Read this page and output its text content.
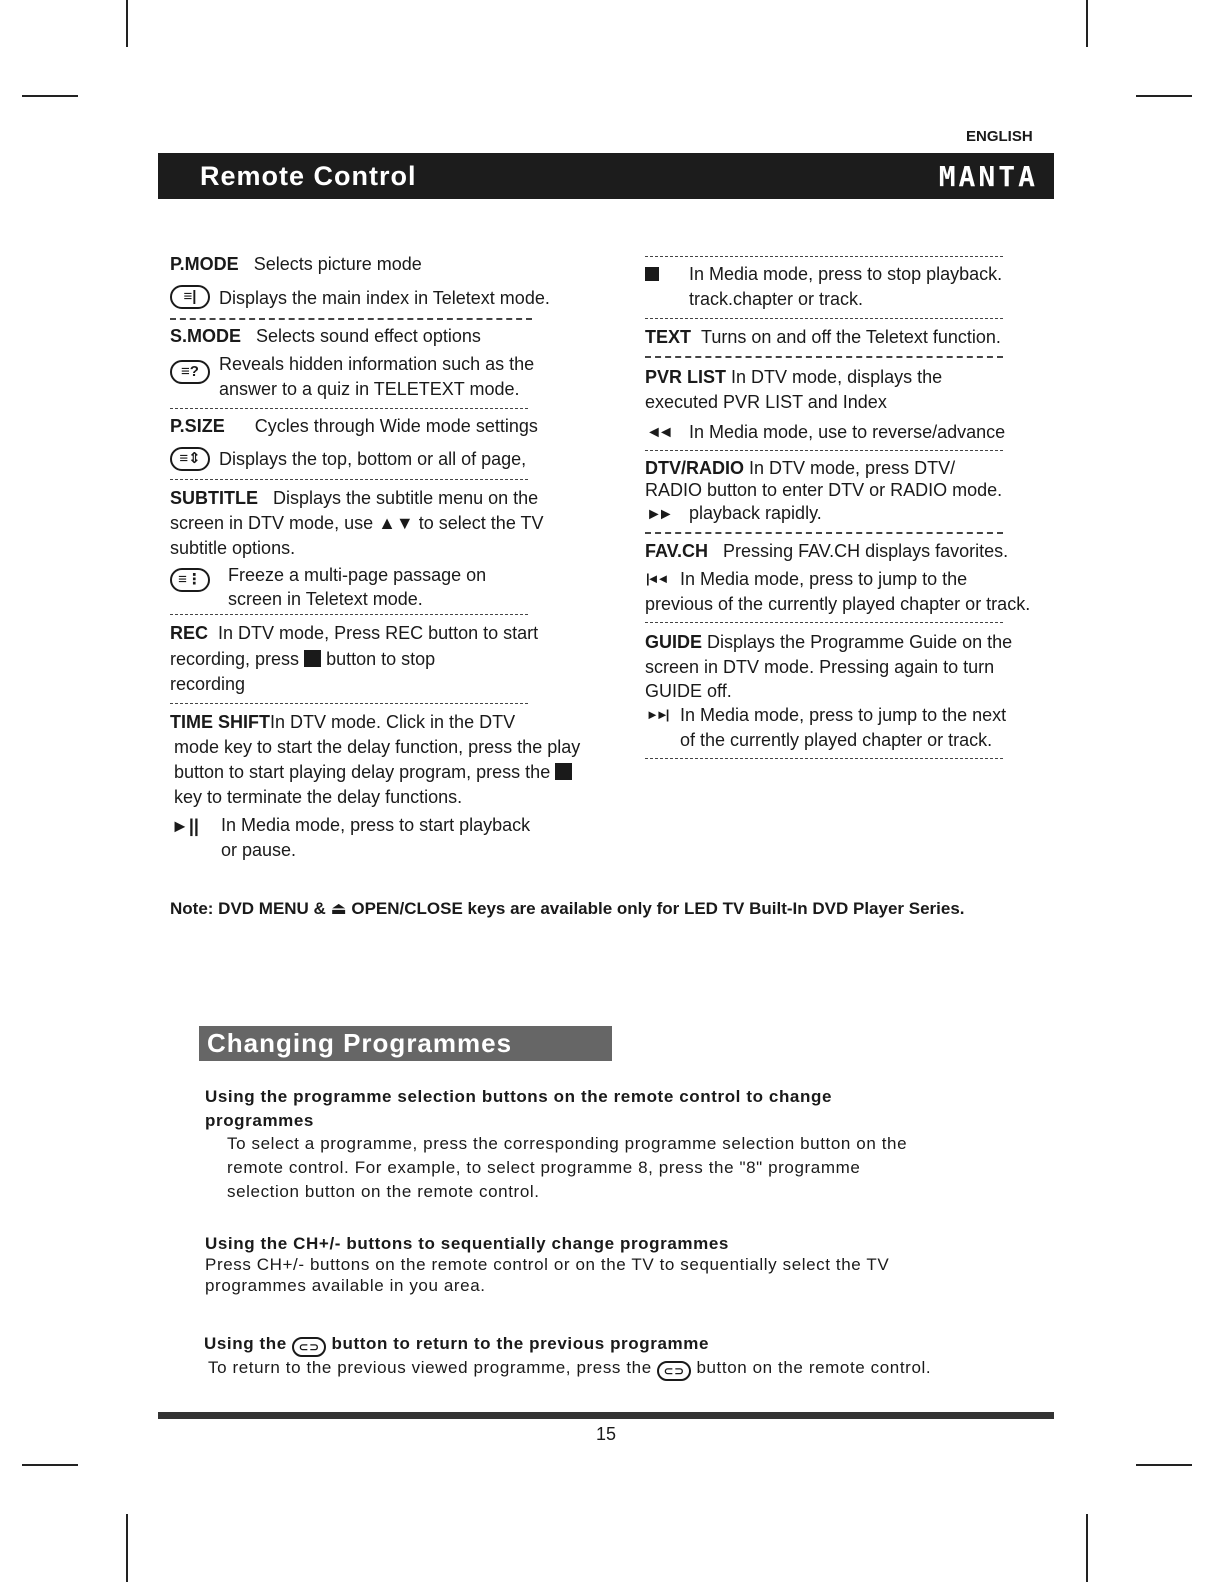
ENGLISH
Remote Control	MANTA
P.MODE Selects picture mode
≡|	Displays the main index in Teletext mode.
S.MODE Selects sound effect options
≡?	Reveals hidden information such as the
answer to a quiz in TELETEXT mode.
P.SIZE Cycles through Wide mode settings
≡⇕	Displays the top, bottom or all of page,
SUBTITLE Displays the subtitle menu on the
screen in DTV mode, use ▲▼ to select the TV
subtitle options.
≡⋮	Freeze a multi-page passage on
screen in Teletext mode.
REC In DTV mode, Press REC button to start
recording, press button to stop
recording
TIME SHIFTIn DTV mode. Click in the DTV
mode key to start the delay function, press the play
button to start playing delay program, press the
key to terminate the delay functions.
►|| In Media mode, press to start playback
or pause.
In Media mode, press to stop playback.
track.chapter or track.
TEXT Turns on and off the Teletext function.
PVR LIST In DTV mode, displays the
executed PVR LIST and Index
◄◄ In Media mode, use to reverse/advance
DTV/RADIO In DTV mode, press DTV/
RADIO button to enter DTV or RADIO mode.
►► playback rapidly.
FAV.CH Pressing FAV.CH displays favorites.
|◄◄ In Media mode, press to jump to the
previous of the currently played chapter or track.
GUIDE Displays the Programme Guide on the
screen in DTV mode. Pressing again to turn
GUIDE off.
►►| In Media mode, press to jump to the next
of the currently played chapter or track.
Note: DVD MENU & ⏏ OPEN/CLOSE keys are available only for LED TV Built-In DVD Player Series.
Changing Programmes
Using the programme selection buttons on the remote control to change
programmes
To select a programme, press the corresponding programme selection button on the
remote control. For example, to select programme 8, press the "8" programme
selection button on the remote control.
Using the CH+/- buttons to sequentially change programmes
Press CH+/- buttons on the remote control or on the TV to sequentially select the TV
programmes available in you area.
Using the ⊂⊃ button to return to the previous programme
To return to the previous viewed programme, press the ⊂⊃ button on the remote control.
15
